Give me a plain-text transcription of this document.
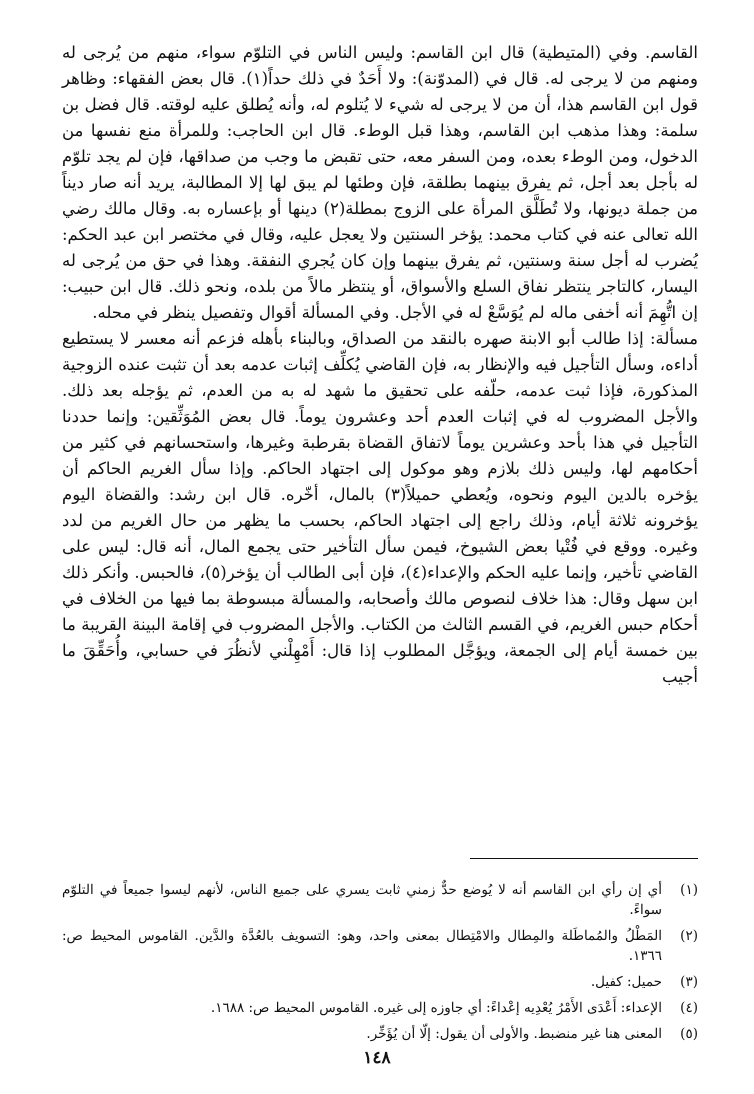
القاسم. وفي (المتيطية) قال ابن القاسم: وليس الناس في التلوّم سواء، منهم من يُرجى له ومنهم من لا يرجى له. قال في (المدوّنة): ولا أَحَدٌ في ذلك حداً(١). قال بعض الفقهاء: وظاهر قول ابن القاسم هذا، أن من لا يرجى له شيء لا يُتلوم له، وأنه يُطلق عليه لوقته. قال فضل بن سلمة: وهذا مذهب ابن القاسم، وهذا قبل الوطء. قال ابن الحاجب: وللمرأة منع نفسها من الدخول، ومن الوطء بعده، ومن السفر معه، حتى تقبض ما وجب من صداقها، فإن لم يجد تلوّم له بأجل بعد أجل، ثم يفرق بينهما بطلقة، فإن وطئها لم يبق لها إلا المطالبة، يريد أنه صار ديناً من جملة ديونها، ولا تُطَلَّق المرأة على الزوج بمطلة(٢) دينها أو بإعساره به. وقال مالك رضي الله تعالى عنه في كتاب محمد: يؤخر السنتين ولا يعجل عليه، وقال في مختصر ابن عبد الحكم: يُضرب له أجل سنة وسنتين، ثم يفرق بينهما وإن كان يُجري النفقة. وهذا في حق من يُرجى له اليسار، كالتاجر ينتظر نفاق السلع والأسواق، أو ينتظر مالاً من بلده، ونحو ذلك. قال ابن حبيب: إن اتُّهِمَ أنه أخفى ماله لم يُوَسَّعْ له في الأجل. وفي المسألة أقوال وتفصيل ينظر في محله.

مسألة: إذا طالب أبو الابنة صهره بالنقد من الصداق، وبالبناء بأهله فزعم أنه معسر لا يستطيع أداءه، وسأل التأجيل فيه والإنظار به، فإن القاضي يُكلِّف إثبات عدمه بعد أن تثبت عنده الزوجية المذكورة، فإذا ثبت عدمه، حلّفه على تحقيق ما شهد له به من العدم، ثم يؤجله بعد ذلك. والأجل المضروب له في إثبات العدم أحد وعشرون يوماً. قال بعض المُوَثِّقين: وإنما حددنا التأجيل في هذا بأحد وعشرين يوماً لاتفاق القضاة بقرطبة وغيرها، واستحسانهم في كثير من أحكامهم لها، وليس ذلك بلازم وهو موكول إلى اجتهاد الحاكم. وإذا سأل الغريم الحاكم أن يؤخره بالدين اليوم ونحوه، ويُعطي حميلاً(٣) بالمال، أخّره. قال ابن رشد: والقضاة اليوم يؤخرونه ثلاثة أيام، وذلك راجع إلى اجتهاد الحاكم، بحسب ما يظهر من حال الغريم من لدد وغيره. ووقع في فُتْيا بعض الشيوخ، فيمن سأل التأخير حتى يجمع المال، أنه قال: ليس على القاضي تأخير، وإنما عليه الحكم والإعداء(٤)، فإن أبى الطالب أن يؤخر(٥)، فالحبس. وأنكر ذلك ابن سهل وقال: هذا خلاف لنصوص مالك وأصحابه، والمسألة مبسوطة بما فيها من الخلاف في أحكام حبس الغريم، في القسم الثالث من الكتاب. والأجل المضروب في إقامة البينة القريبة ما بين خمسة أيام إلى الجمعة، ويؤجَّل المطلوب إذا قال: أَمْهِلْني لأنظُرَ في حسابي، وأُحَقِّقَ ما أجيب

(١)
أي إن رأي ابن القاسم أنه لا يُوضع حدٌّ زمني ثابت يسري على جميع الناس، لأنهم ليسوا جميعاً في التلوّم سواءً.
(٢)
المَطْلُ والمُماطَلة والمِطال والامْتِطال بمعنى واحد، وهو: التسويف بالعُدَّة والدَّين. القاموس المحيط ص: ١٣٦٦.
(٣)
حميل: كفيل.
(٤)
الإعداء: أَعْدَى الأَمْرُ يُعْدِيه إعْداءً: أي جاوزه إلى غيره. القاموس المحيط ص: ١٦٨٨.
(٥)
المعنى هنا غير منضبط. والأولى أن يقول: إلّا أن يُؤَخِّر.
١٤٨
